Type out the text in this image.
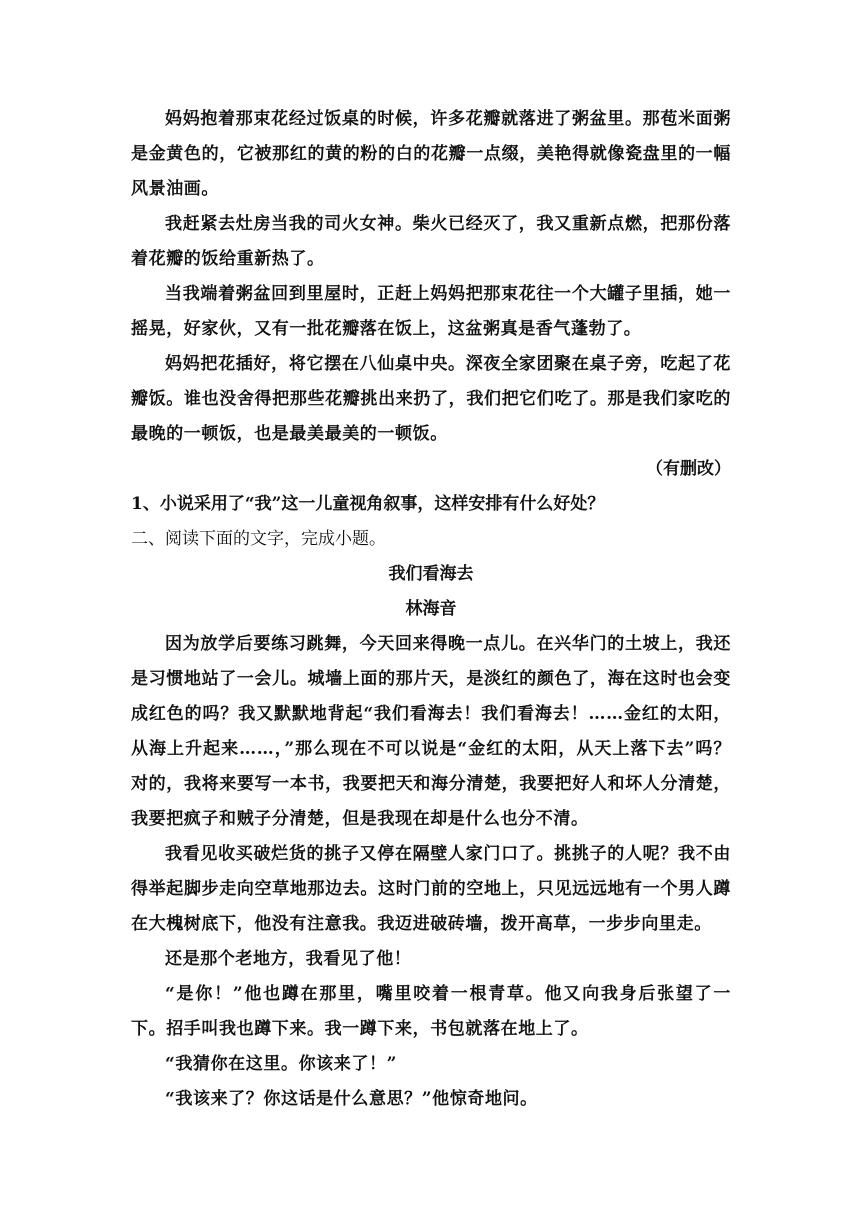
妈妈抱着那束花经过饭桌的时候，许多花瓣就落进了粥盆里。那苞米面粥是金黄色的，它被那红的黄的粉的白的花瓣一点缀，美艳得就像瓷盘里的一幅风景油画。

我赶紧去灶房当我的司火女神。柴火已经灭了，我又重新点燃，把那份落着花瓣的饭给重新热了。

当我端着粥盆回到里屋时，正赶上妈妈把那束花往一个大罐子里插，她一摇晃，好家伙，又有一批花瓣落在饭上，这盆粥真是香气蓬勃了。

妈妈把花插好，将它摆在八仙桌中央。深夜全家团聚在桌子旁，吃起了花瓣饭。谁也没舍得把那些花瓣挑出来扔了，我们把它们吃了。那是我们家吃的最晚的一顿饭，也是最美最美的一顿饭。

（有删改）

1、小说采用了“我”这一儿童视角叙事，这样安排有什么好处？

二、阅读下面的文字，完成小题。

我们看海去

林海音

因为放学后要练习跳舞，今天回来得晚一点儿。在兴华门的土坡上，我还是习惯地站了一会儿。城墙上面的那片天，是淡红的颜色了，海在这时也会变成红色的吗？我又默默地背起“我们看海去！我们看海去！……金红的太阳，从海上升起来……，”那么现在不可以说是“金红的太阳，从天上落下去”吗？对的，我将来要写一本书，我要把天和海分清楚，我要把好人和坏人分清楚，我要把疯子和贼子分清楚，但是我现在却是什么也分不清。

我看见收买破烂货的挑子又停在隔壁人家门口了。挑挑子的人呢？我不由得举起脚步走向空草地那边去。这时门前的空地上，只见远远地有一个男人蹲在大槐树底下，他没有注意我。我迈进破砖墙，拨开高草，一步步向里走。

还是那个老地方，我看见了他！

“是你！”他也蹲在那里，嘴里咬着一根青草。他又向我身后张望了一下。招手叫我也蹲下来。我一蹲下来，书包就落在地上了。

“我猜你在这里。你该来了！”

“我该来了？你这话是什么意思？”他惊奇地问。
